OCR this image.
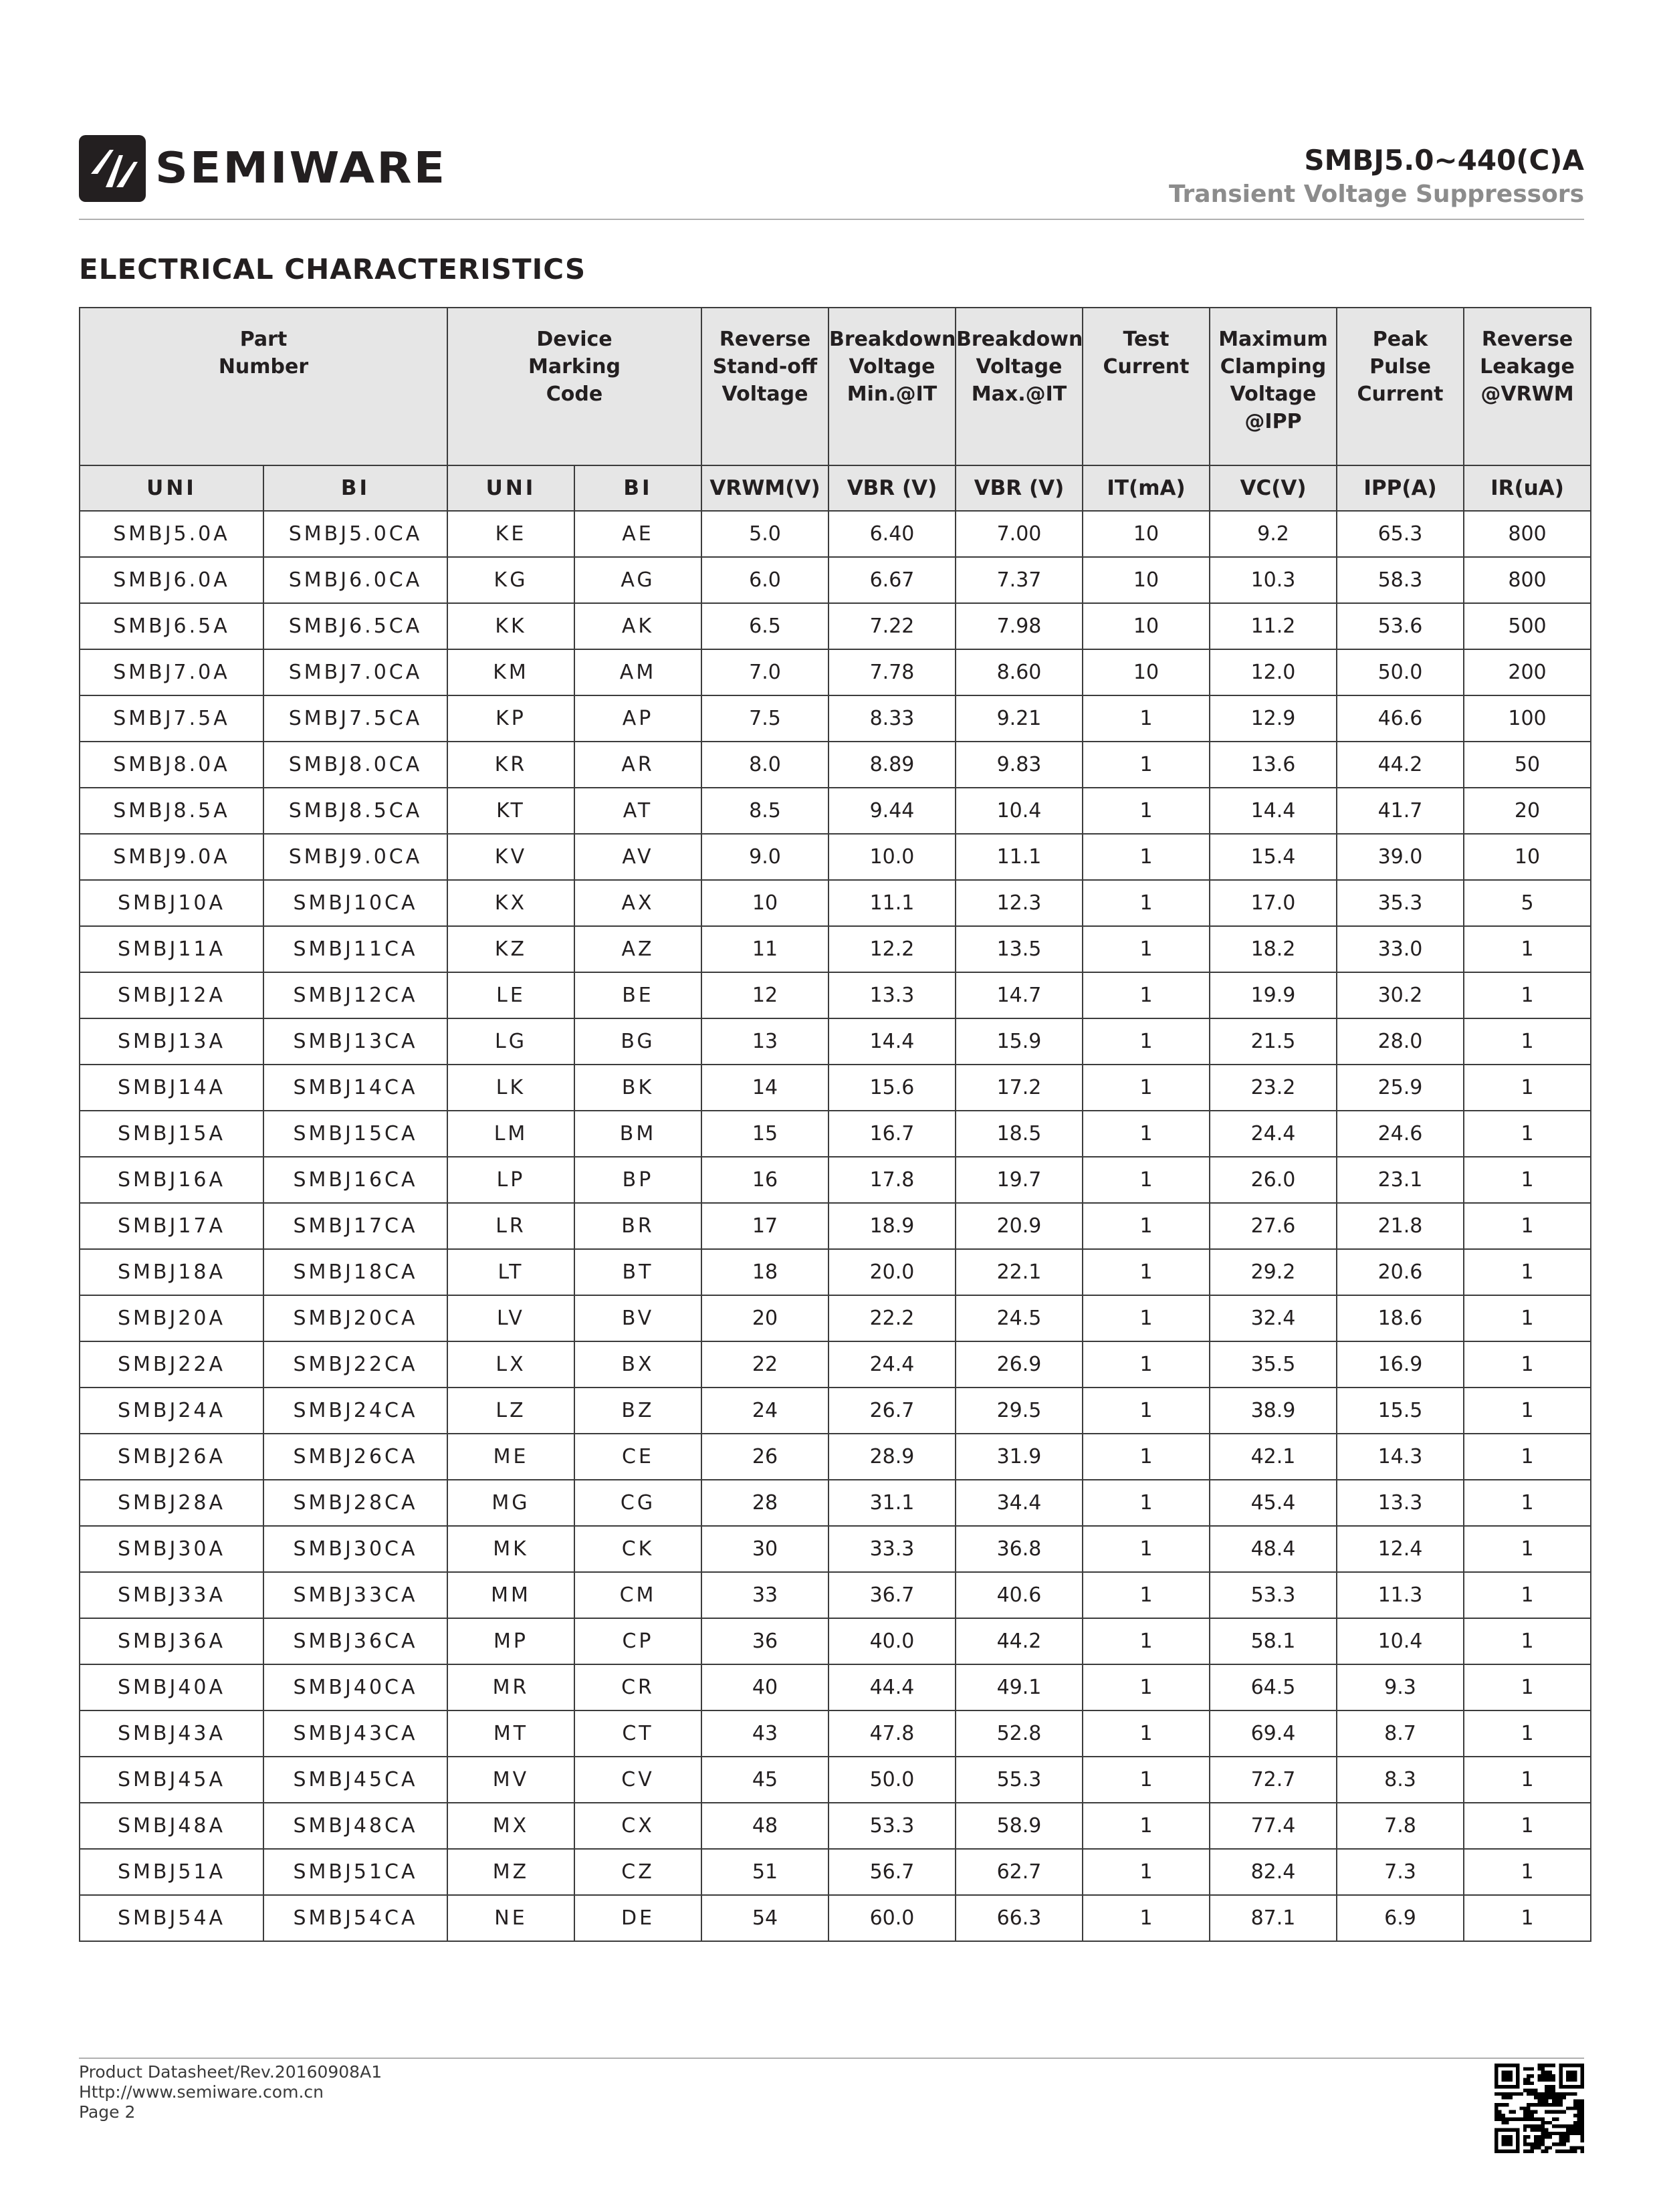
SEMIWARE	SMBJ5.0~440(C)A
Transient Voltage Suppressors
ELECTRICAL CHARACTERISTICS
Part
Number		Device
Marking
Code		Reverse
Stand-off
Voltage	Breakdown
Voltage
Min.@IT	Breakdown
Voltage
Max.@IT	Test
Current	Maximum
Clamping
Voltage
@IPP	Peak
Pulse
Current	Reverse
Leakage
@VRWM
UNI	BI	UNI	BI	VRWM(V)	VBR (V)	VBR (V)	IT(mA)	VC(V)	IPP(A)	IR(uA)
SMBJ5.0A	SMBJ5.0CA	KE	AE	5.0	6.40	7.00	10	9.2	65.3	800
SMBJ6.0A	SMBJ6.0CA	KG	AG	6.0	6.67	7.37	10	10.3	58.3	800
SMBJ6.5A	SMBJ6.5CA	KK	AK	6.5	7.22	7.98	10	11.2	53.6	500
SMBJ7.0A	SMBJ7.0CA	KM	AM	7.0	7.78	8.60	10	12.0	50.0	200
SMBJ7.5A	SMBJ7.5CA	KP	AP	7.5	8.33	9.21	1	12.9	46.6	100
SMBJ8.0A	SMBJ8.0CA	KR	AR	8.0	8.89	9.83	1	13.6	44.2	50
SMBJ8.5A	SMBJ8.5CA	KT	AT	8.5	9.44	10.4	1	14.4	41.7	20
SMBJ9.0A	SMBJ9.0CA	KV	AV	9.0	10.0	11.1	1	15.4	39.0	10
SMBJ10A	SMBJ10CA	KX	AX	10	11.1	12.3	1	17.0	35.3	5
SMBJ11A	SMBJ11CA	KZ	AZ	11	12.2	13.5	1	18.2	33.0	1
SMBJ12A	SMBJ12CA	LE	BE	12	13.3	14.7	1	19.9	30.2	1
SMBJ13A	SMBJ13CA	LG	BG	13	14.4	15.9	1	21.5	28.0	1
SMBJ14A	SMBJ14CA	LK	BK	14	15.6	17.2	1	23.2	25.9	1
SMBJ15A	SMBJ15CA	LM	BM	15	16.7	18.5	1	24.4	24.6	1
SMBJ16A	SMBJ16CA	LP	BP	16	17.8	19.7	1	26.0	23.1	1
SMBJ17A	SMBJ17CA	LR	BR	17	18.9	20.9	1	27.6	21.8	1
SMBJ18A	SMBJ18CA	LT	BT	18	20.0	22.1	1	29.2	20.6	1
SMBJ20A	SMBJ20CA	LV	BV	20	22.2	24.5	1	32.4	18.6	1
SMBJ22A	SMBJ22CA	LX	BX	22	24.4	26.9	1	35.5	16.9	1
SMBJ24A	SMBJ24CA	LZ	BZ	24	26.7	29.5	1	38.9	15.5	1
SMBJ26A	SMBJ26CA	ME	CE	26	28.9	31.9	1	42.1	14.3	1
SMBJ28A	SMBJ28CA	MG	CG	28	31.1	34.4	1	45.4	13.3	1
SMBJ30A	SMBJ30CA	MK	CK	30	33.3	36.8	1	48.4	12.4	1
SMBJ33A	SMBJ33CA	MM	CM	33	36.7	40.6	1	53.3	11.3	1
SMBJ36A	SMBJ36CA	MP	CP	36	40.0	44.2	1	58.1	10.4	1
SMBJ40A	SMBJ40CA	MR	CR	40	44.4	49.1	1	64.5	9.3	1
SMBJ43A	SMBJ43CA	MT	CT	43	47.8	52.8	1	69.4	8.7	1
SMBJ45A	SMBJ45CA	MV	CV	45	50.0	55.3	1	72.7	8.3	1
SMBJ48A	SMBJ48CA	MX	CX	48	53.3	58.9	1	77.4	7.8	1
SMBJ51A	SMBJ51CA	MZ	CZ	51	56.7	62.7	1	82.4	7.3	1
SMBJ54A	SMBJ54CA	NE	DE	54	60.0	66.3	1	87.1	6.9	1
Product Datasheet/Rev.20160908A1
Http://www.semiware.com.cn
Page 2
